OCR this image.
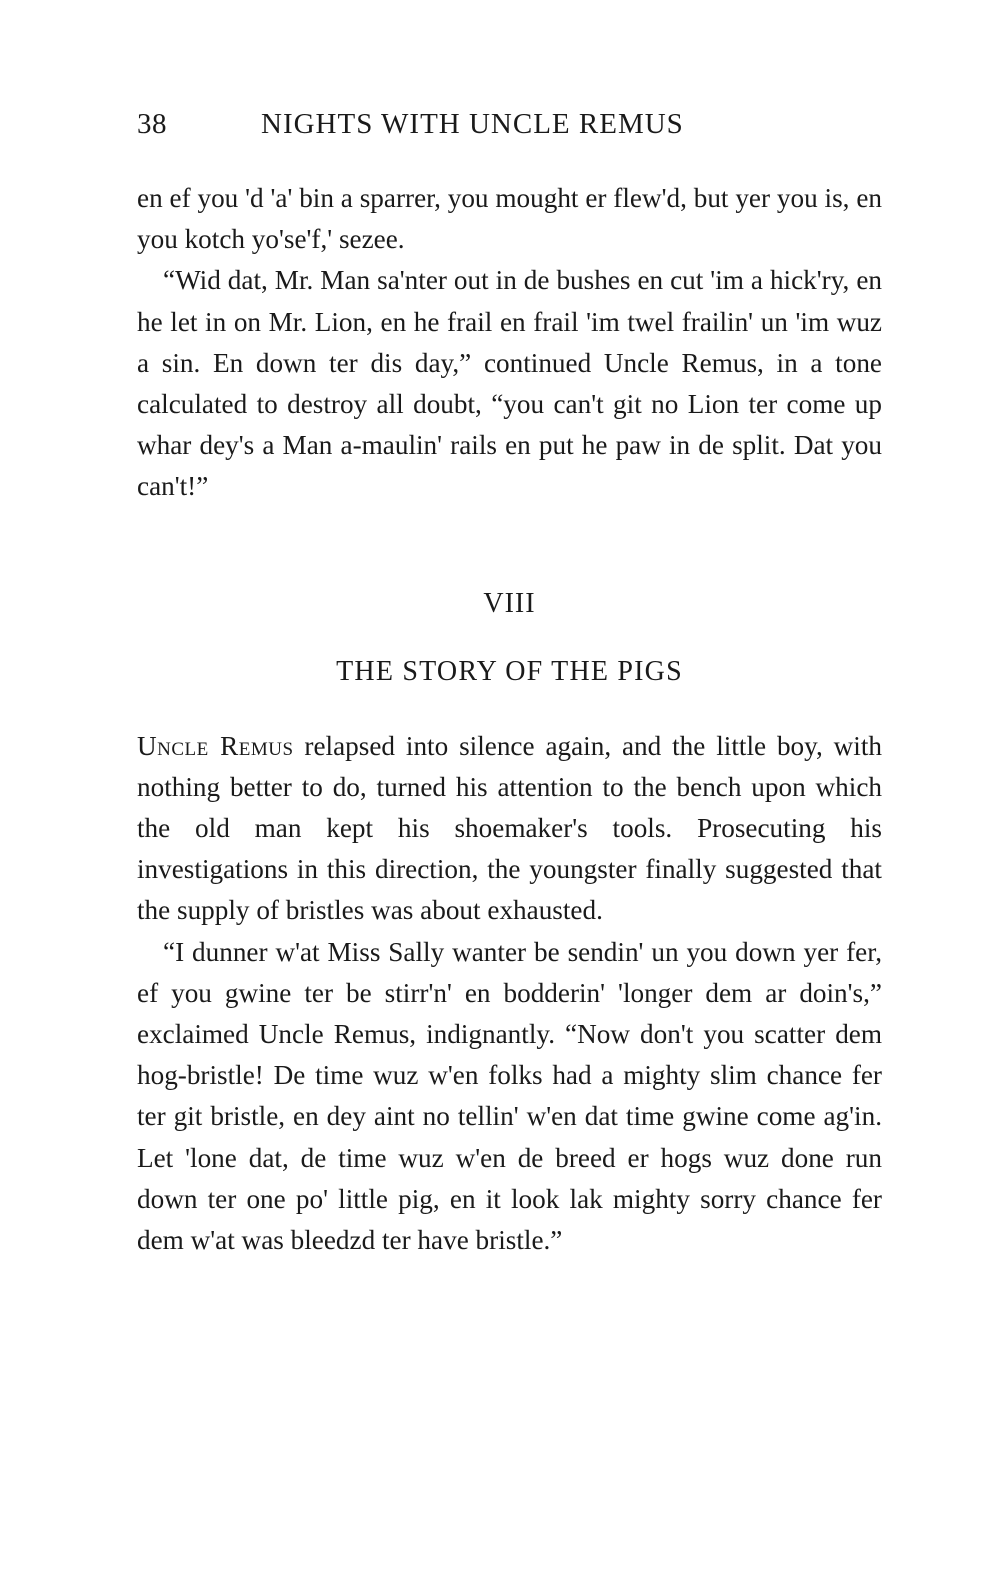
38	NIGHTS WITH UNCLE REMUS

en ef you 'd 'a' bin a sparrer, you mought er flew'd, but yer you is, en you kotch yo'se'f,' sezee.

“Wid dat, Mr. Man sa'nter out in de bushes en cut 'im a hick'ry, en he let in on Mr. Lion, en he frail en frail 'im twel frailin' un 'im wuz a sin. En down ter dis day,” continued Uncle Remus, in a tone calculated to destroy all doubt, “you can't git no Lion ter come up whar dey's a Man a-maulin' rails en put he paw in de split. Dat you can't!”

VIII
THE STORY OF THE PIGS

Uncle Remus relapsed into silence again, and the little boy, with nothing better to do, turned his attention to the bench upon which the old man kept his shoemaker's tools. Prosecuting his investigations in this direction, the youngster finally suggested that the supply of bristles was about exhausted.

“I dunner w'at Miss Sally wanter be sendin' un you down yer fer, ef you gwine ter be stirr'n' en bodderin' 'longer dem ar doin's,” exclaimed Uncle Remus, indignantly. “Now don't you scatter dem hog-bristle! De time wuz w'en folks had a mighty slim chance fer ter git bristle, en dey aint no tellin' w'en dat time gwine come ag'in. Let 'lone dat, de time wuz w'en de breed er hogs wuz done run down ter one po' little pig, en it look lak mighty sorry chance fer dem w'at was bleedzd ter have bristle.”
